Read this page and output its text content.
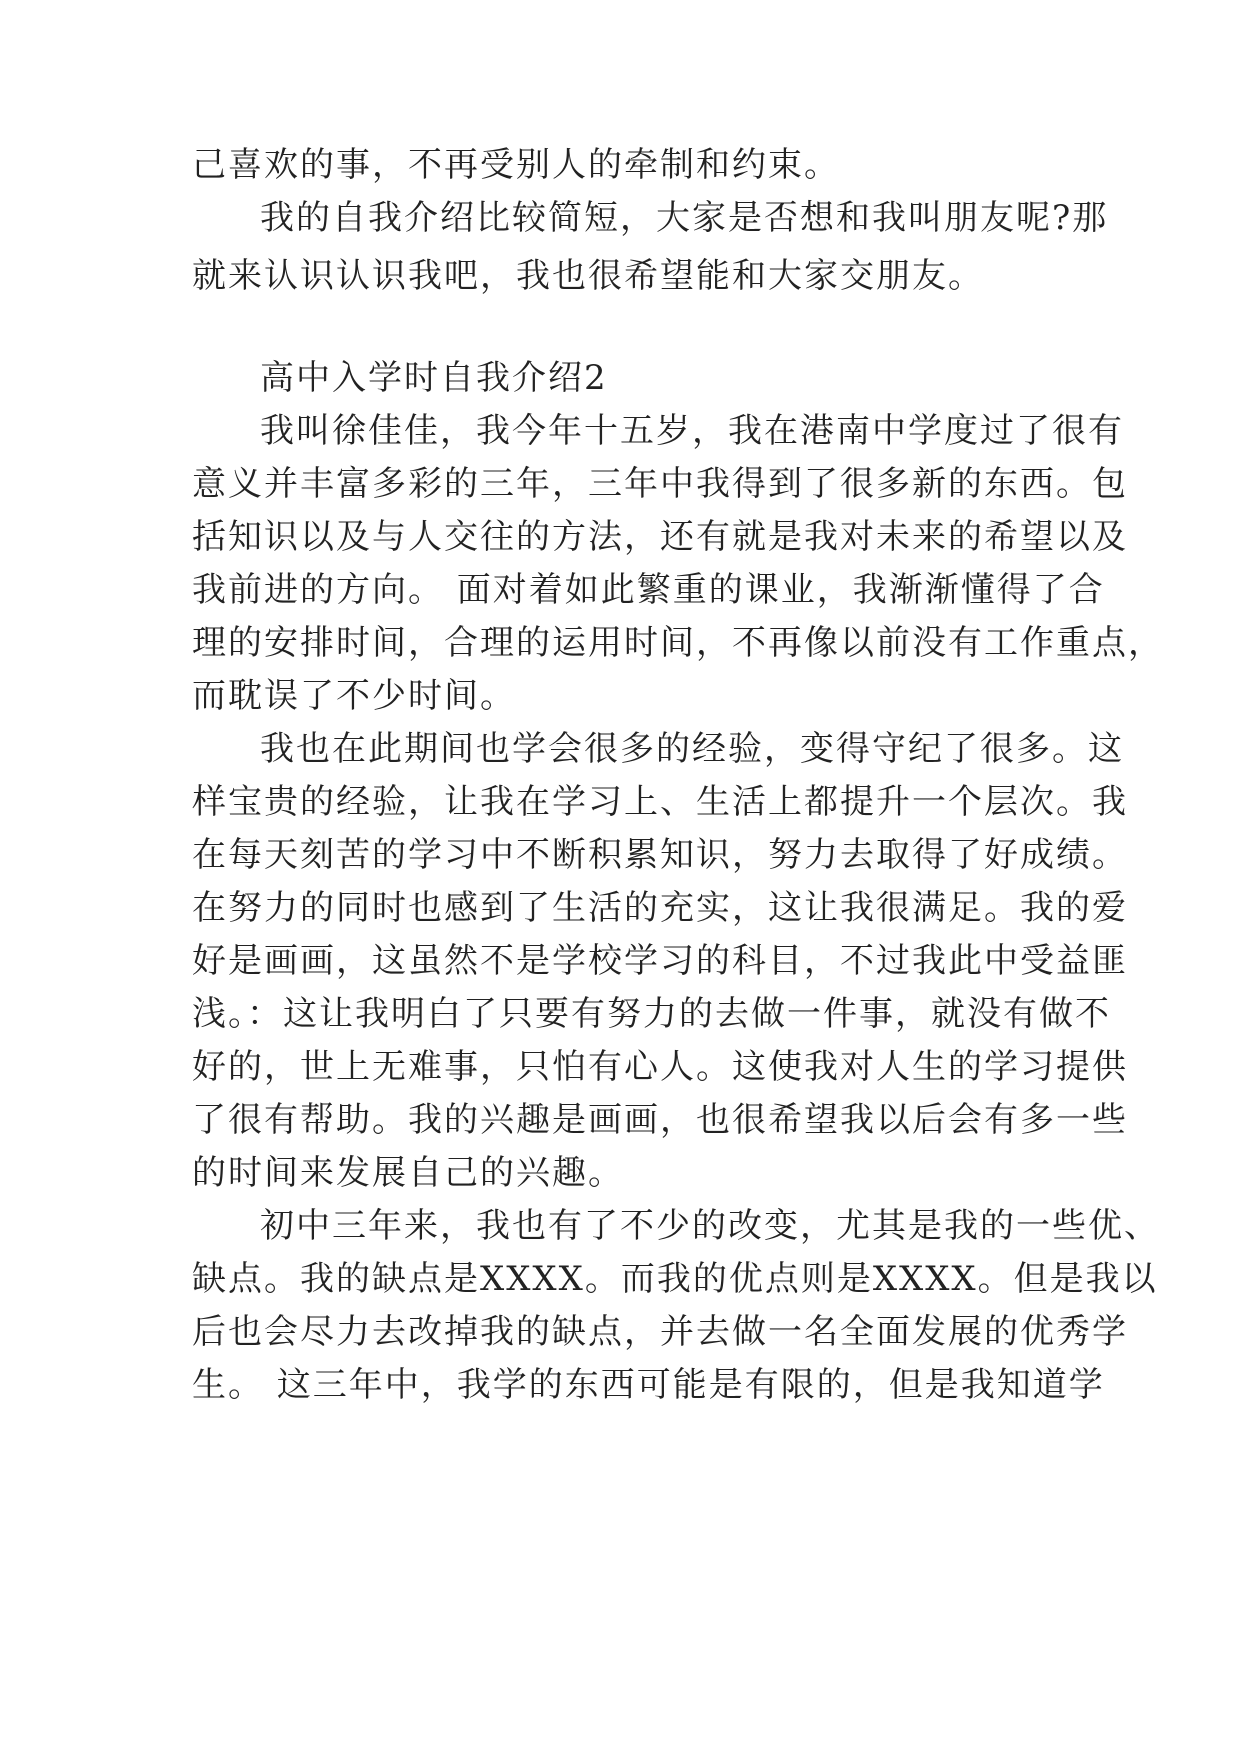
己喜欢的事，不再受别人的牵制和约束。
我的自我介绍比较简短，大家是否想和我叫朋友呢?那
就来认识认识我吧，我也很希望能和大家交朋友。
高中入学时自我介绍2
我叫徐佳佳，我今年十五岁，我在港南中学度过了很有
意义并丰富多彩的三年，三年中我得到了很多新的东西。包
括知识以及与人交往的方法，还有就是我对未来的希望以及
我前进的方向。 面对着如此繁重的课业，我渐渐懂得了合
理的安排时间，合理的运用时间，不再像以前没有工作重点，
而耽误了不少时间。
我也在此期间也学会很多的经验，变得守纪了很多。这
样宝贵的经验，让我在学习上、生活上都提升一个层次。我
在每天刻苦的学习中不断积累知识，努力去取得了好成绩。
在努力的同时也感到了生活的充实，这让我很满足。我的爱
好是画画，这虽然不是学校学习的科目，不过我此中受益匪
浅。：这让我明白了只要有努力的去做一件事，就没有做不
好的，世上无难事，只怕有心人。这使我对人生的学习提供
了很有帮助。我的兴趣是画画，也很希望我以后会有多一些
的时间来发展自己的兴趣。
初中三年来，我也有了不少的改变，尤其是我的一些优、
缺点。我的缺点是XXXX。而我的优点则是XXXX。但是我以
后也会尽力去改掉我的缺点，并去做一名全面发展的优秀学
生。 这三年中，我学的东西可能是有限的，但是我知道学
